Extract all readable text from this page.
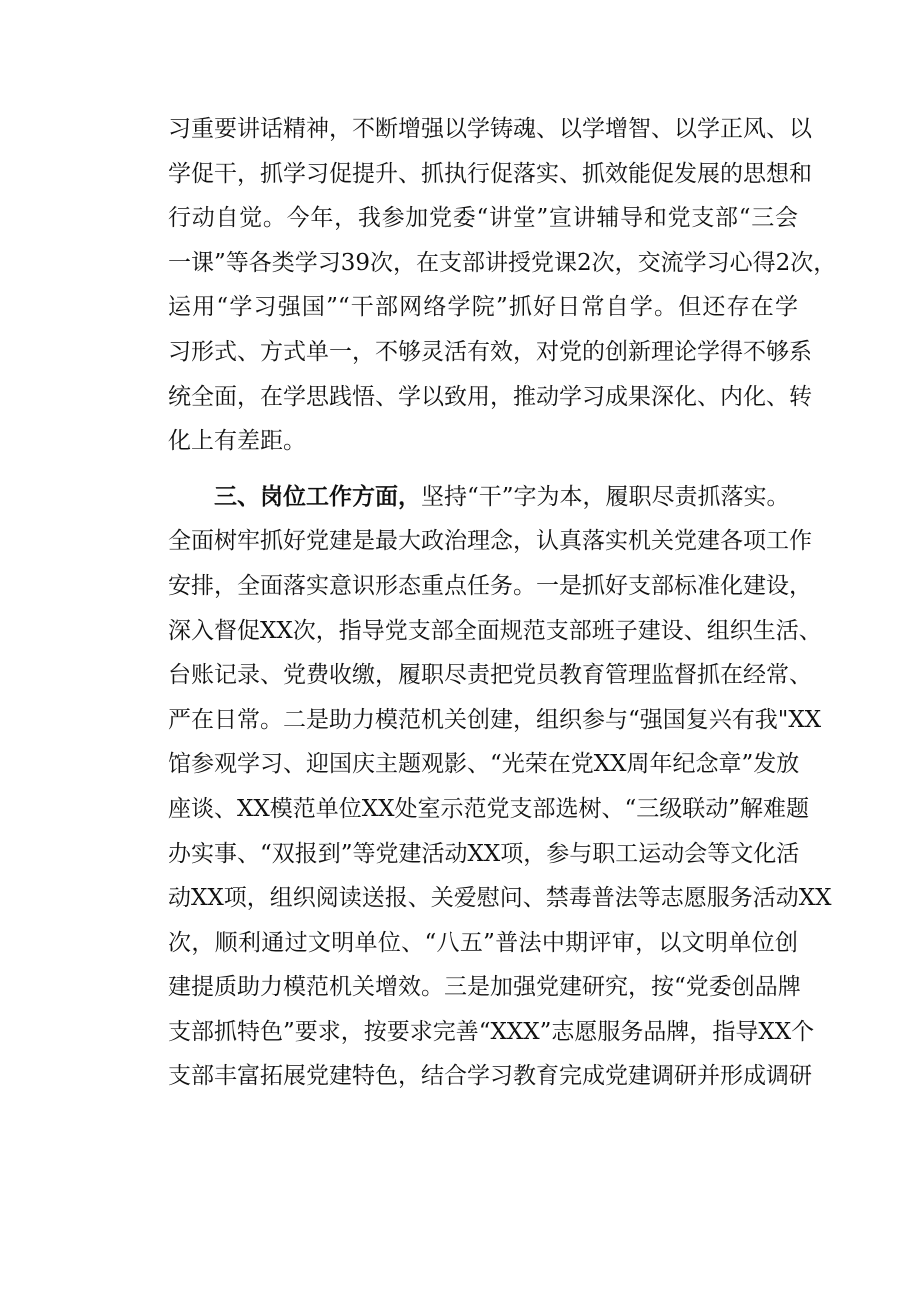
习重要讲话精神，不断增强以学铸魂、以学增智、以学正风、以
学促干，抓学习促提升、抓执行促落实、抓效能促发展的思想和
行动自觉。今年，我参加党委“讲堂”宣讲辅导和党支部“三会
一课”等各类学习39次，在支部讲授党课2次，交流学习心得2次，
运用“学习强国”“干部网络学院”抓好日常自学。但还存在学
习形式、方式单一，不够灵活有效，对党的创新理论学得不够系
统全面，在学思践悟、学以致用，推动学习成果深化、内化、转
化上有差距。
三、岗位工作方面，坚持“干”字为本，履职尽责抓落实。
全面树牢抓好党建是最大政治理念，认真落实机关党建各项工作
安排，全面落实意识形态重点任务。一是抓好支部标准化建设，
深入督促XX次，指导党支部全面规范支部班子建设、组织生活、
台账记录、党费收缴，履职尽责把党员教育管理监督抓在经常、
严在日常。二是助力模范机关创建，组织参与“强国复兴有我"XX
馆参观学习、迎国庆主题观影、“光荣在党XX周年纪念章”发放
座谈、XX模范单位XX处室示范党支部选树、“三级联动”解难题
办实事、“双报到”等党建活动XX项，参与职工运动会等文化活
动XX项，组织阅读送报、关爱慰问、禁毒普法等志愿服务活动XX
次，顺利通过文明单位、“八五”普法中期评审，以文明单位创
建提质助力模范机关增效。三是加强党建研究，按“党委创品牌
支部抓特色”要求，按要求完善“XXX”志愿服务品牌，指导XX个
支部丰富拓展党建特色，结合学习教育完成党建调研并形成调研
